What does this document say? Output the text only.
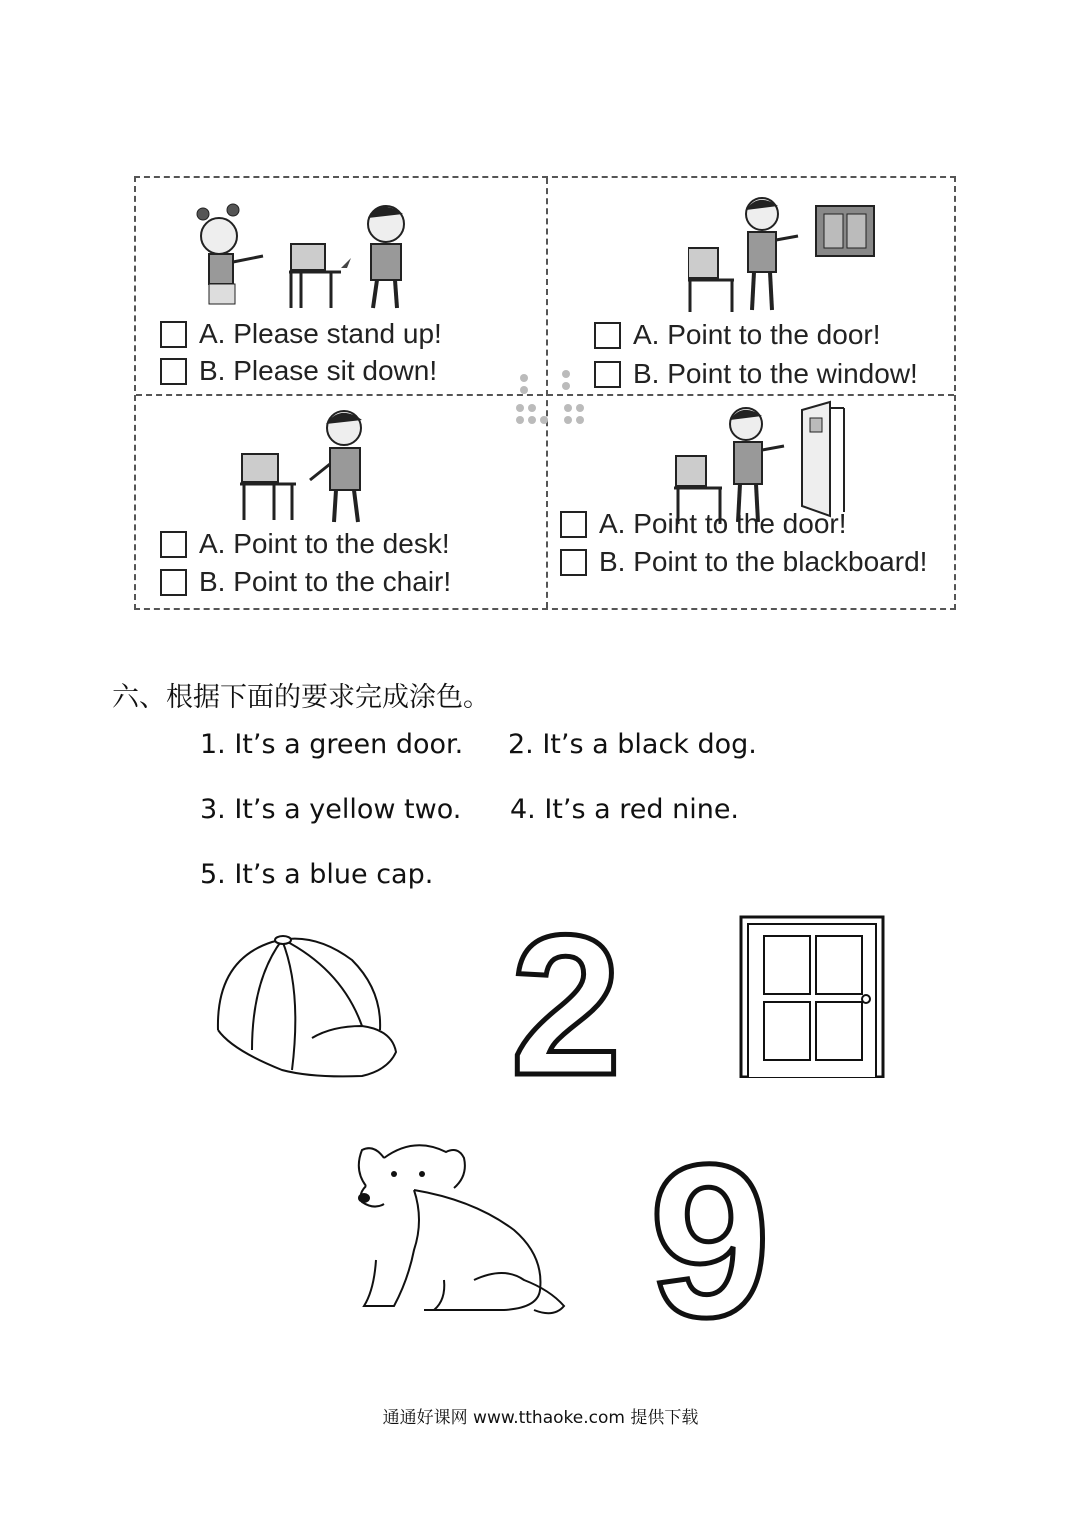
A. Please stand up!
B. Please sit down!
A. Point to the door!
B. Point to the window!
A. Point to the desk!
B. Point to the chair!
A. Point to the door!
B. Point to the blackboard!
六、根据下面的要求完成涂色。
1. It’s a green door. 2. It’s a black dog.
3. It’s a yellow two. 4. It’s a red nine.
5. It’s a blue cap.
2
9
通通好课网 www.tthaoke.com 提供下载
